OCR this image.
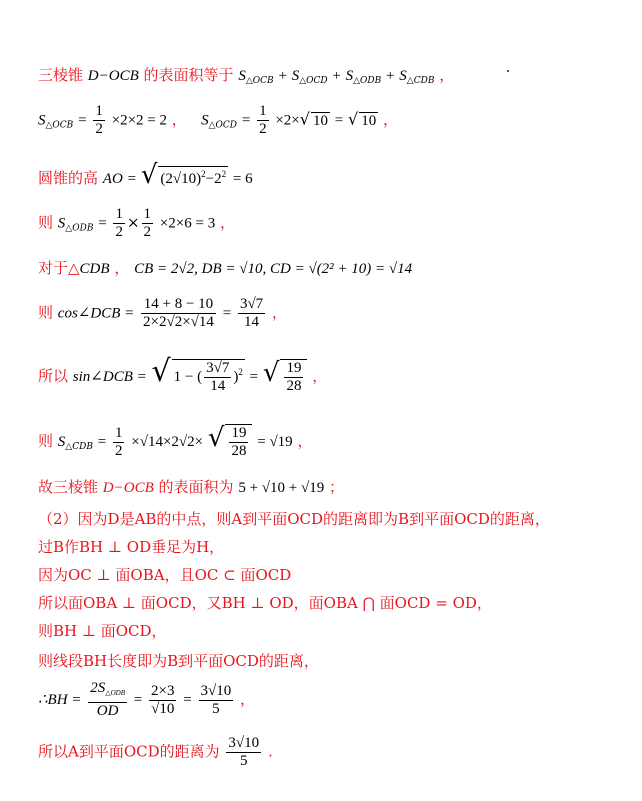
三棱锥 D−OCB 的表面积等于 $S_{\triangle OCB} + S_{\triangle OCD} + S_{\triangle ODB} + S_{\triangle CDB}$ ，
$S_{\triangle OCB} = \frac{1}{2} \times 2\times 2 = 2$ ， $S_{\triangle OCD} = \frac{1}{2} \times 2\times√$ 10 = √ 10 ，
圆锥的高 AO = √ $(2√10)^2-2^2 = 6$
则 $S_{\triangle ODB} = \frac{1}{2} \times \frac{1}{2} \times 2\times 6 = 3$ ，
对于△CDB ， CB = 2√2, DB = √10, CD = √(2² + 10) = √14
则 cos∠DCB = $\frac{14 + 8 - 10}{2\times 2√2\times√14} = \frac{3√7}{14}$ ，
所以 sin∠DCB = √ 1 − ( $\frac{3√7}{14} )^2$ = √ $\frac{19}{28}$ ，
则 $S_{\triangle CDB} = \frac{1}{2} \times√14\times 2√2\times$ √ $\frac{19}{28} = √19$ ，
故三棱锥 D−OCB 的表面积为 5 + √10 + √19 ；
（2）因为D是AB的中点，则A到平面OCD的距离即为B到平面OCD的距离，
过B作BH ⊥ OD垂足为H，
因为OC ⊥ 面OBA，且OC ⊂ 面OCD
所以面OBA ⊥ 面OCD，又BH ⊥ OD，面OBA ⋂ 面OCD = OD，
则BH ⊥ 面OCD，
则线段BH长度即为B到平面OCD的距离，
∴BH = $\frac{2S_{\triangle ODB}}{OD} = \frac{2\times 3}{√10} = \frac{3√10}{5}$ ，
所以A到平面OCD的距离为 $\frac{3√10}{5}$ .
